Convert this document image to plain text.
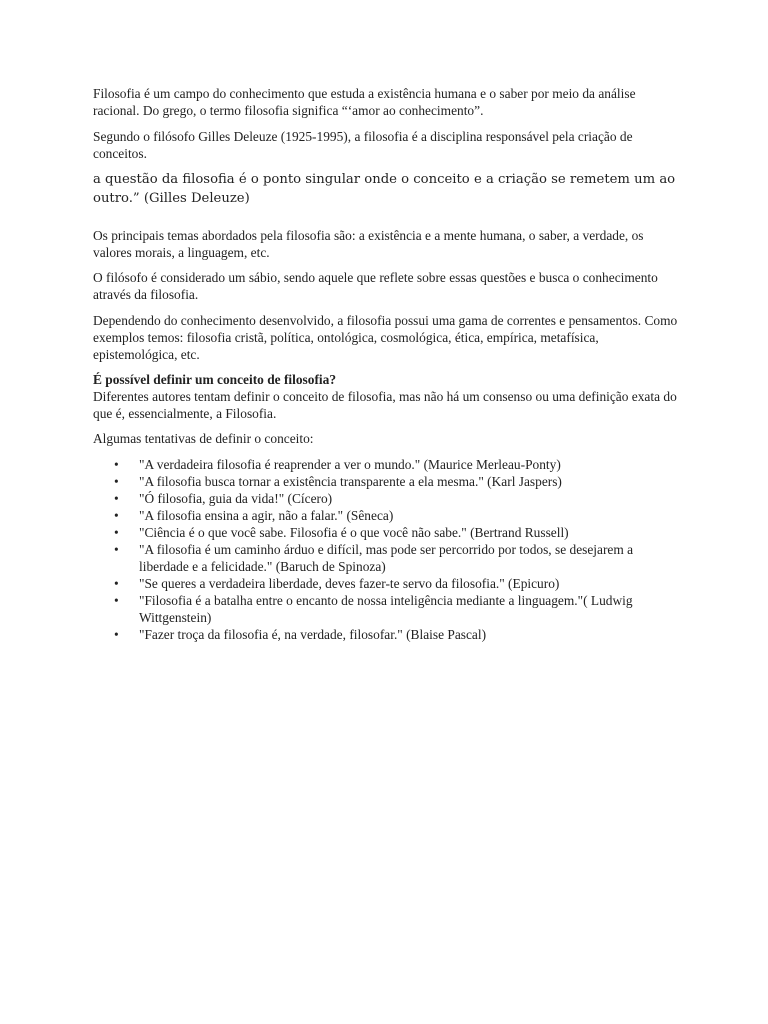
Filosofia é um campo do conhecimento que estuda a existência humana e o saber por meio da análise racional. Do grego, o termo filosofia significa “‘amor ao conhecimento”.

Segundo o filósofo Gilles Deleuze (1925-1995), a filosofia é a disciplina responsável pela criação de conceitos.

a questão da filosofia é o ponto singular onde o conceito e a criação se remetem um ao outro.” (Gilles Deleuze)

Os principais temas abordados pela filosofia são: a existência e a mente humana, o saber, a verdade, os valores morais, a linguagem, etc.

O filósofo é considerado um sábio, sendo aquele que reflete sobre essas questões e busca o conhecimento através da filosofia.

Dependendo do conhecimento desenvolvido, a filosofia possui uma gama de correntes e pensamentos. Como exemplos temos: filosofia cristã, política, ontológica, cosmológica, ética, empírica, metafísica, epistemológica, etc.

É possível definir um conceito de filosofia?

Diferentes autores tentam definir o conceito de filosofia, mas não há um consenso ou uma definição exata do que é, essencialmente, a Filosofia.

Algumas tentativas de definir o conceito:

• "A verdadeira filosofia é reaprender a ver o mundo." (Maurice Merleau-Ponty)
• "A filosofia busca tornar a existência transparente a ela mesma." (Karl Jaspers)
• "Ó filosofia, guia da vida!" (Cícero)
• "A filosofia ensina a agir, não a falar." (Sêneca)
• "Ciência é o que você sabe. Filosofia é o que você não sabe." (Bertrand Russell)
• "A filosofia é um caminho árduo e difícil, mas pode ser percorrido por todos, se desejarem a liberdade e a felicidade." (Baruch de Spinoza)
• "Se queres a verdadeira liberdade, deves fazer-te servo da filosofia." (Epicuro)
• "Filosofia é a batalha entre o encanto de nossa inteligência mediante a linguagem."( Ludwig Wittgenstein)
• "Fazer troça da filosofia é, na verdade, filosofar." (Blaise Pascal)
